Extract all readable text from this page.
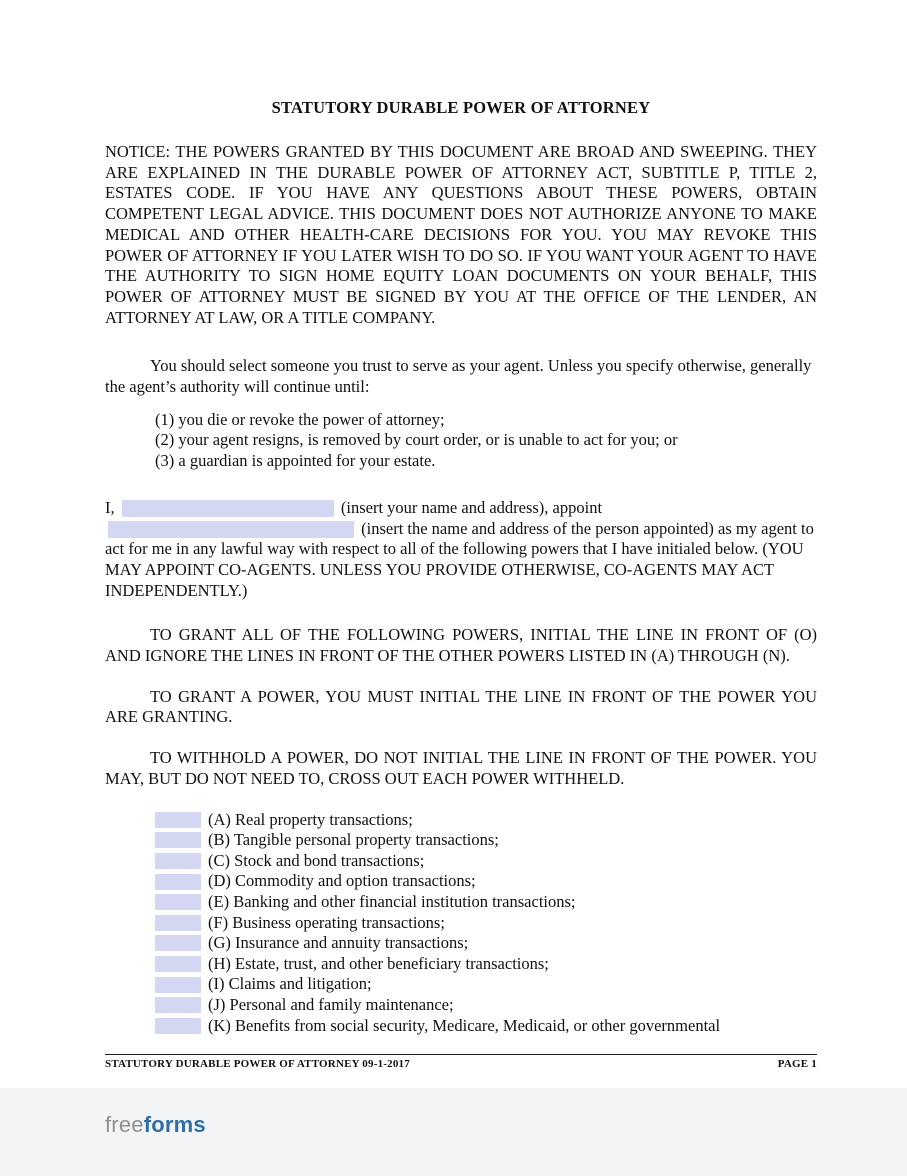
STATUTORY DURABLE POWER OF ATTORNEY

NOTICE: THE POWERS GRANTED BY THIS DOCUMENT ARE BROAD AND SWEEPING. THEY ARE EXPLAINED IN THE DURABLE POWER OF ATTORNEY ACT, SUBTITLE P, TITLE 2, ESTATES CODE. IF YOU HAVE ANY QUESTIONS ABOUT THESE POWERS, OBTAIN COMPETENT LEGAL ADVICE. THIS DOCUMENT DOES NOT AUTHORIZE ANYONE TO MAKE MEDICAL AND OTHER HEALTH-CARE DECISIONS FOR YOU. YOU MAY REVOKE THIS POWER OF ATTORNEY IF YOU LATER WISH TO DO SO. IF YOU WANT YOUR AGENT TO HAVE THE AUTHORITY TO SIGN HOME EQUITY LOAN DOCUMENTS ON YOUR BEHALF, THIS POWER OF ATTORNEY MUST BE SIGNED BY YOU AT THE OFFICE OF THE LENDER, AN ATTORNEY AT LAW, OR A TITLE COMPANY.

You should select someone you trust to serve as your agent. Unless you specify otherwise, generally the agent’s authority will continue until:

(1) you die or revoke the power of attorney;

(2) your agent resigns, is removed by court order, or is unable to act for you; or

(3) a guardian is appointed for your estate.

I,	(insert your name and address), appoint  (insert the name and address of the person appointed) as my agent to act for me in any lawful way with respect to all of the following powers that I have initialed below. (YOU MAY APPOINT CO-AGENTS. UNLESS YOU PROVIDE OTHERWISE, CO-AGENTS MAY ACT INDEPENDENTLY.)

TO GRANT ALL OF THE FOLLOWING POWERS, INITIAL THE LINE IN FRONT OF (O) AND IGNORE THE LINES IN FRONT OF THE OTHER POWERS LISTED IN (A) THROUGH (N).

TO GRANT A POWER, YOU MUST INITIAL THE LINE IN FRONT OF THE POWER YOU ARE GRANTING.

TO WITHHOLD A POWER, DO NOT INITIAL THE LINE IN FRONT OF THE POWER. YOU MAY, BUT DO NOT NEED TO, CROSS OUT EACH POWER WITHHELD.

(A) Real property transactions;
(B) Tangible personal property transactions;
(C) Stock and bond transactions;
(D) Commodity and option transactions;
(E) Banking and other financial institution transactions;
(F) Business operating transactions;
(G) Insurance and annuity transactions;
(H) Estate, trust, and other beneficiary transactions;
(I) Claims and litigation;
(J) Personal and family maintenance;
(K) Benefits from social security, Medicare, Medicaid, or other governmental
STATUTORY DURABLE POWER OF ATTORNEY 09-1-2017	PAGE 1
freeforms
